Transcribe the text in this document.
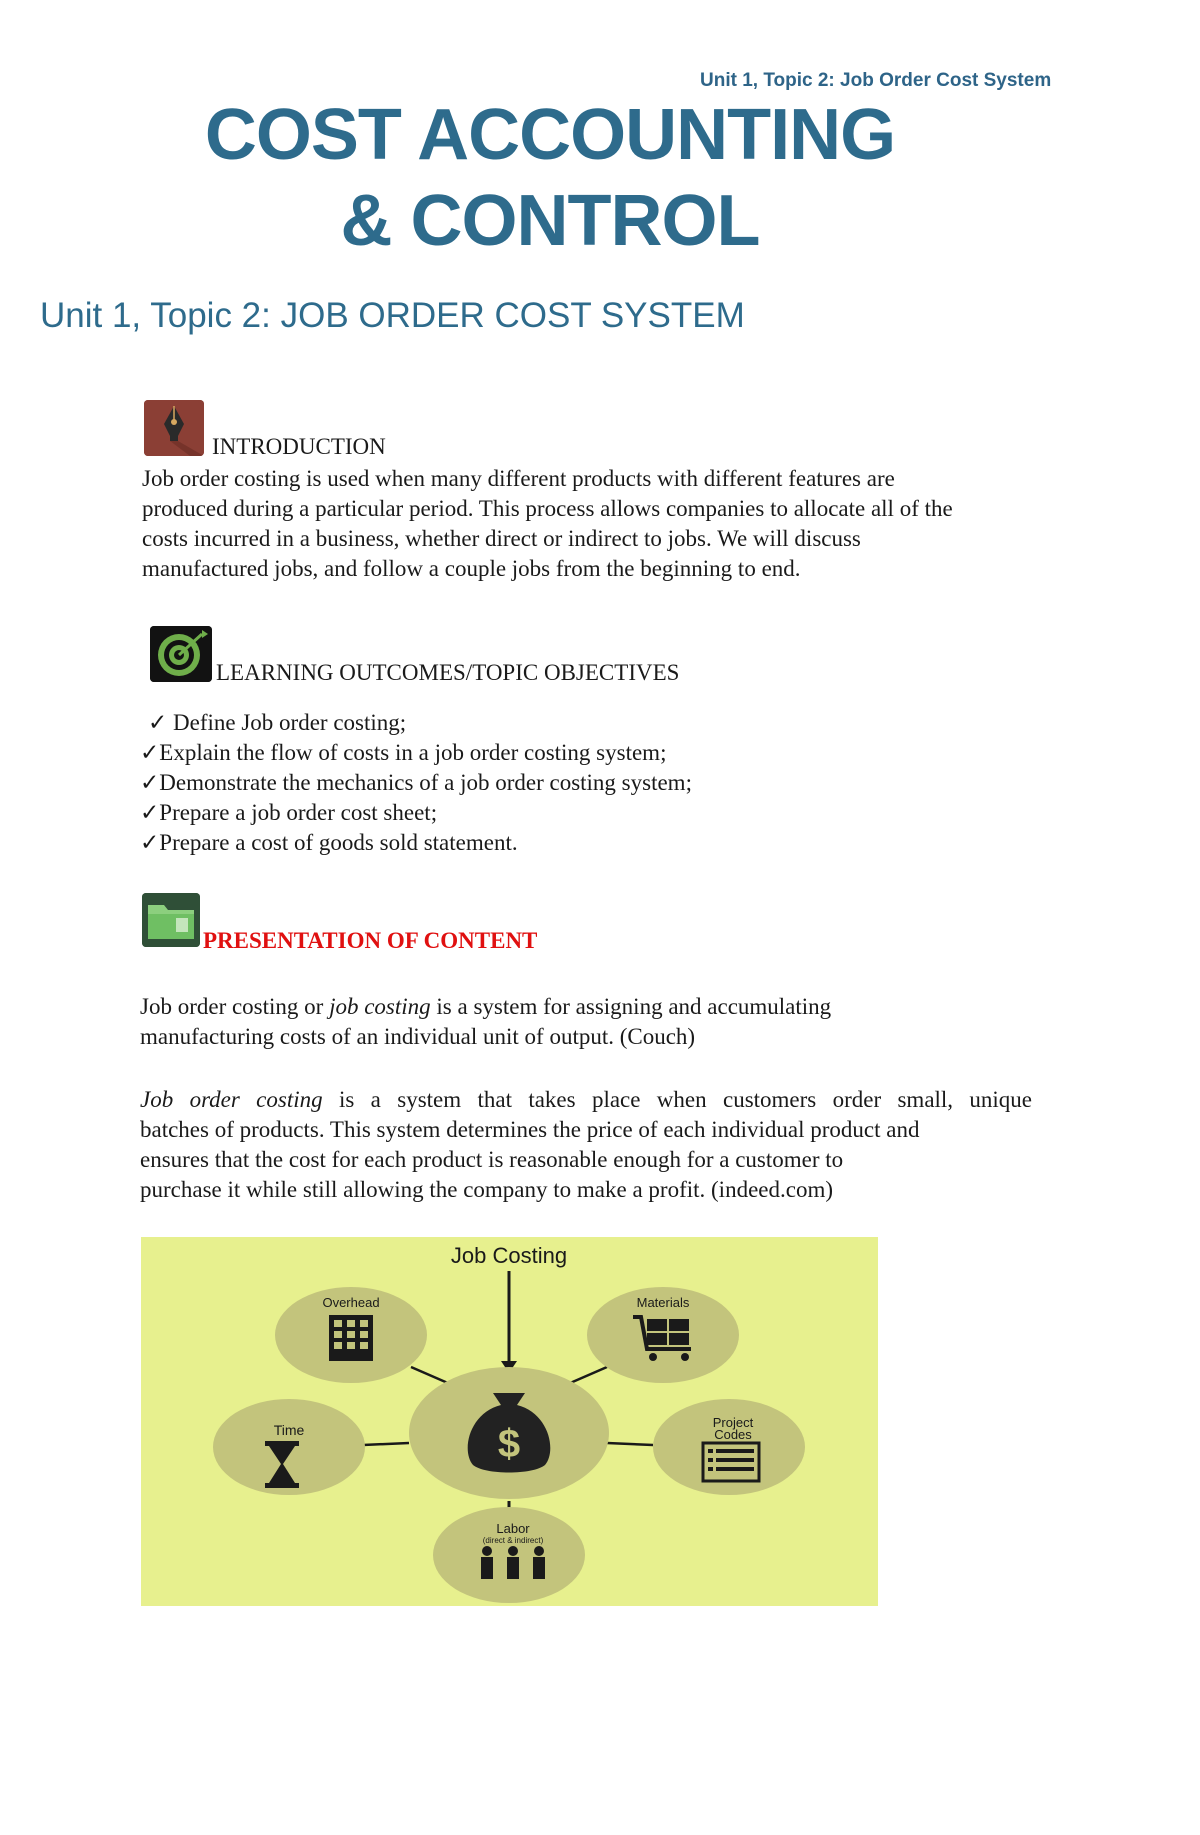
Unit 1, Topic 2: Job Order Cost System
COST ACCOUNTING
& CONTROL
Unit 1, Topic 2: JOB ORDER COST SYSTEM
INTRODUCTION
Job order costing is used when many different products with different features are
produced during a particular period. This process allows companies to allocate all of the
costs incurred in a business, whether direct or indirect to jobs. We will discuss
manufactured jobs, and follow a couple jobs from the beginning to end.
LEARNING OUTCOMES/TOPIC OBJECTIVES
✓ Define Job order costing;
✓Explain the flow of costs in a job order costing system;
✓Demonstrate the mechanics of a job order costing system;
✓Prepare a job order cost sheet;
✓Prepare a cost of goods sold statement.
PRESENTATION OF CONTENT
Job order costing or job costing is a system for assigning and accumulating
manufacturing costs of an individual unit of output. (Couch)
Job order costing is a system that takes place when customers order small, unique
batches of products. This system determines the price of each individual product and
ensures that the cost for each product is reasonable enough for a customer to
purchase it while still allowing the company to make a profit. (indeed.com)
Job Costing
$
Overhead	Materials
Time	Project
Codes
Labor
(direct & indirect)
